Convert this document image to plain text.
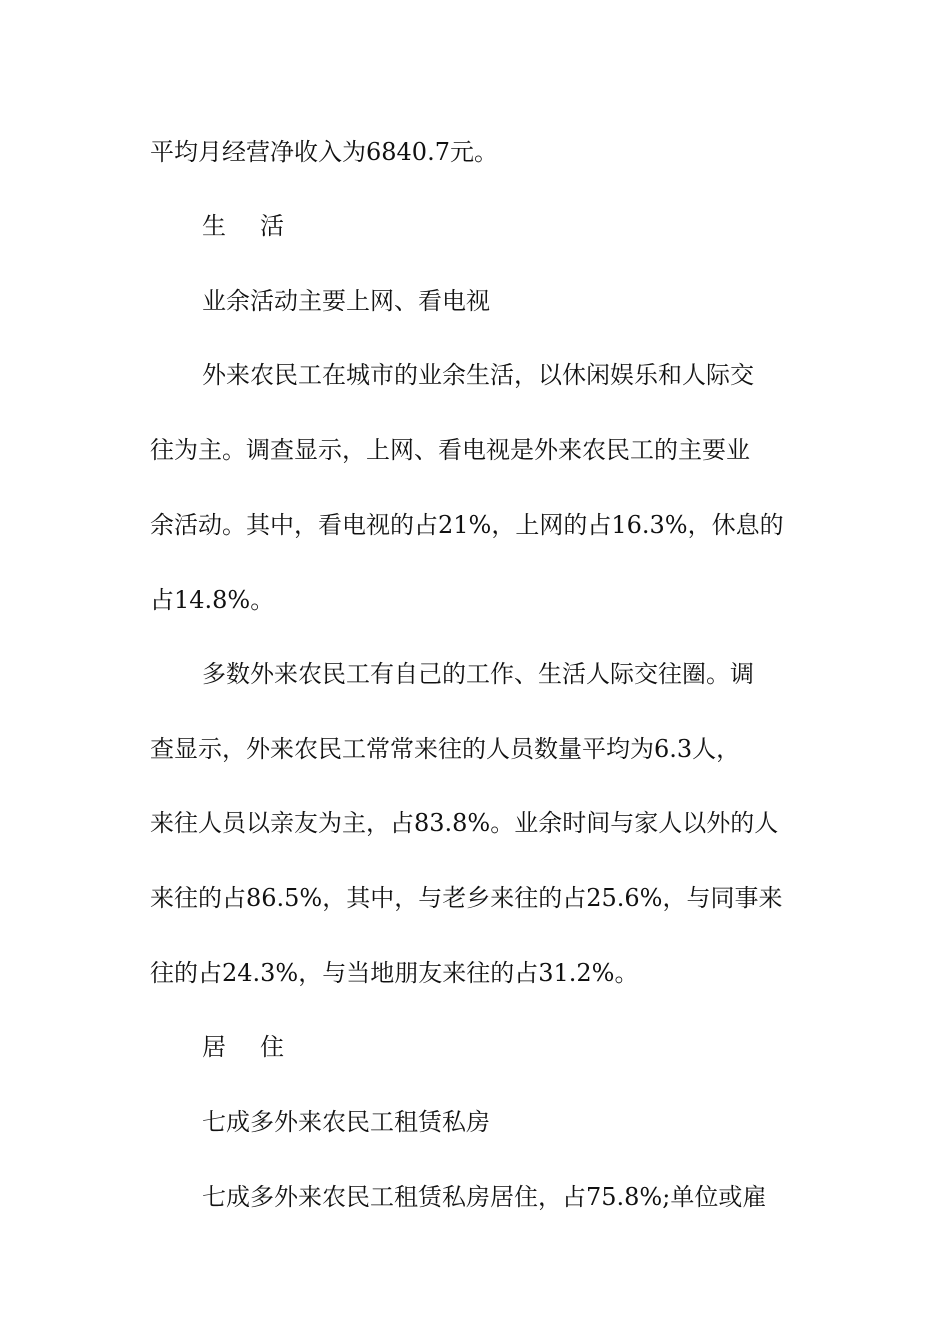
平均月经营净收入为6840.7元。
生 活
业余活动主要上网、看电视
外来农民工在城市的业余生活，以休闲娱乐和人际交
往为主。调查显示，上网、看电视是外来农民工的主要业
余活动。其中，看电视的占21%，上网的占16.3%，休息的
占14.8%。
多数外来农民工有自己的工作、生活人际交往圈。调
查显示，外来农民工常常来往的人员数量平均为6.3人，
来往人员以亲友为主，占83.8%。业余时间与家人以外的人
来往的占86.5%，其中，与老乡来往的占25.6%，与同事来
往的占24.3%，与当地朋友来往的占31.2%。
居 住
七成多外来农民工租赁私房
七成多外来农民工租赁私房居住，占75.8%;单位或雇
